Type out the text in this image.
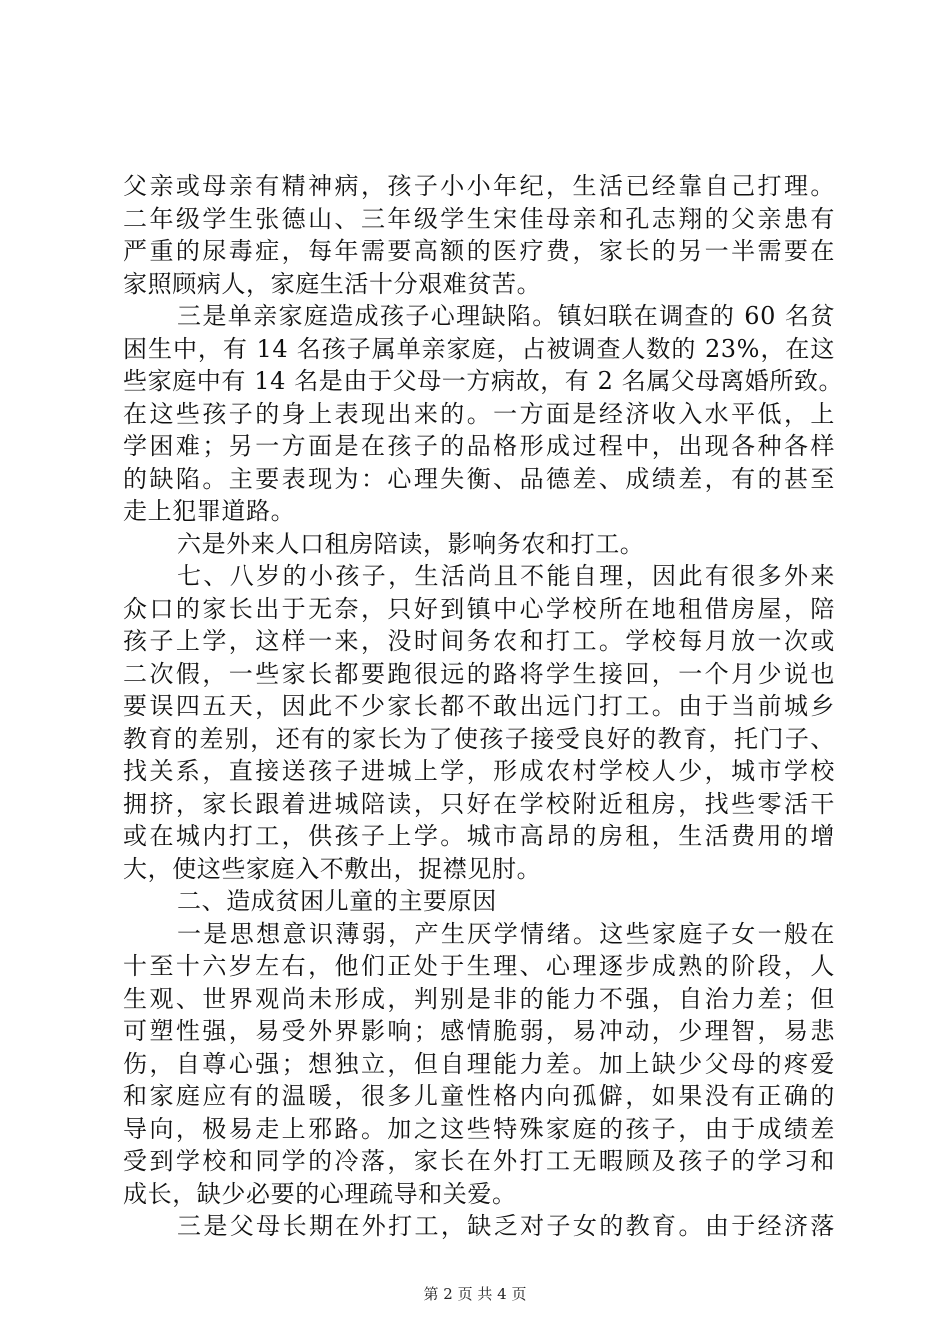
父亲或母亲有精神病，孩子小小年纪，生活已经靠自己打理。
二年级学生张德山、三年级学生宋佳母亲和孔志翔的父亲患有
严重的尿毒症，每年需要高额的医疗费，家长的另一半需要在
家照顾病人，家庭生活十分艰难贫苦。
三是单亲家庭造成孩子心理缺陷。镇妇联在调查的 60 名贫
困生中，有 14 名孩子属单亲家庭，占被调查人数的 23%，在这
些家庭中有 14 名是由于父母一方病故，有 2 名属父母离婚所致。
在这些孩子的身上表现出来的。一方面是经济收入水平低，上
学困难；另一方面是在孩子的品格形成过程中，出现各种各样
的缺陷。主要表现为：心理失衡、品德差、成绩差，有的甚至
走上犯罪道路。
六是外来人口租房陪读，影响务农和打工。
七、八岁的小孩子，生活尚且不能自理，因此有很多外来
众口的家长出于无奈，只好到镇中心学校所在地租借房屋，陪
孩子上学，这样一来，没时间务农和打工。学校每月放一次或
二次假，一些家长都要跑很远的路将学生接回，一个月少说也
要误四五天，因此不少家长都不敢出远门打工。由于当前城乡
教育的差别，还有的家长为了使孩子接受良好的教育，托门子、
找关系，直接送孩子进城上学，形成农村学校人少，城市学校
拥挤，家长跟着进城陪读，只好在学校附近租房，找些零活干
或在城内打工，供孩子上学。城市高昂的房租，生活费用的增
大，使这些家庭入不敷出，捉襟见肘。
二、造成贫困儿童的主要原因
一是思想意识薄弱，产生厌学情绪。这些家庭子女一般在
十至十六岁左右，他们正处于生理、心理逐步成熟的阶段，人
生观、世界观尚未形成，判别是非的能力不强，自治力差；但
可塑性强，易受外界影响；感情脆弱，易冲动，少理智，易悲
伤，自尊心强；想独立，但自理能力差。加上缺少父母的疼爱
和家庭应有的温暖，很多儿童性格内向孤僻，如果没有正确的
导向，极易走上邪路。加之这些特殊家庭的孩子，由于成绩差
受到学校和同学的冷落，家长在外打工无暇顾及孩子的学习和
成长，缺少必要的心理疏导和关爱。
三是父母长期在外打工，缺乏对子女的教育。由于经济落
第 2 页 共 4 页
